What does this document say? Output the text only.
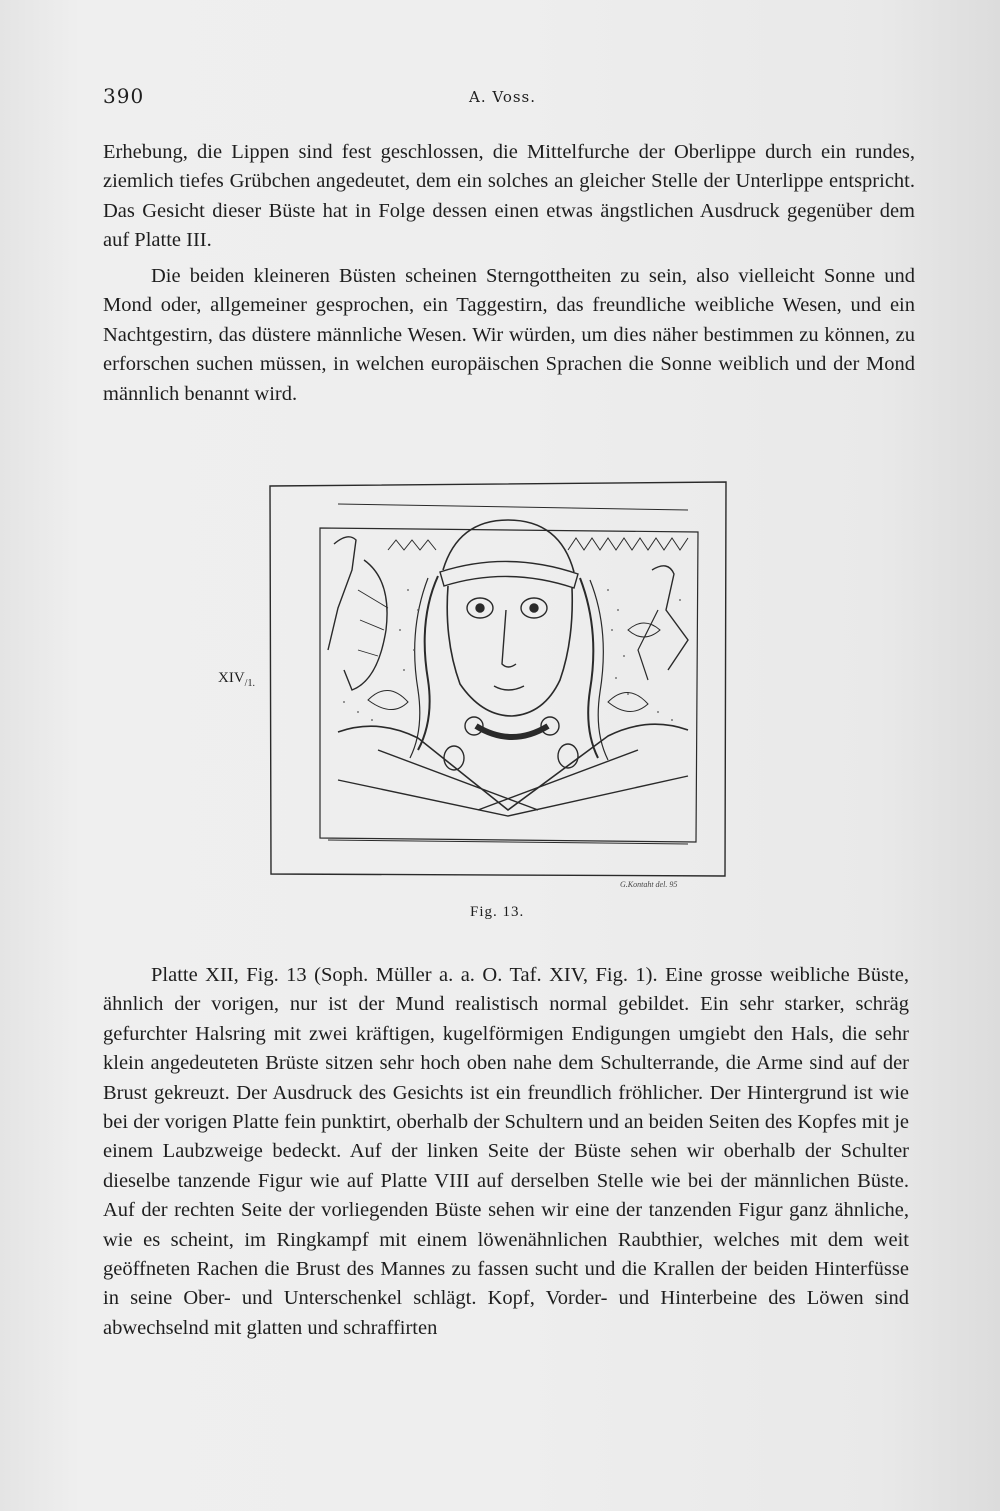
390	A. Voss.

Erhebung, die Lippen sind fest geschlossen, die Mittelfurche der Oberlippe durch ein rundes, ziemlich tiefes Grübchen angedeutet, dem ein solches an gleicher Stelle der Unterlippe entspricht. Das Gesicht dieser Büste hat in Folge dessen einen etwas ängstlichen Ausdruck gegenüber dem auf Platte III.

Die beiden kleineren Büsten scheinen Sterngottheiten zu sein, also vielleicht Sonne und Mond oder, allgemeiner gesprochen, ein Taggestirn, das freundliche weibliche Wesen, und ein Nachtgestirn, das düstere männliche Wesen. Wir würden, um dies näher bestimmen zu können, zu erforschen suchen müssen, in welchen europäischen Sprachen die Sonne weiblich und der Mond männlich benannt wird.

$XIV_{/1.}$
G.Kontaht del. 95
Fig. 13.

Platte XII, Fig. 13 (Soph. Müller a. a. O. Taf. XIV, Fig. 1). Eine grosse weibliche Büste, ähnlich der vorigen, nur ist der Mund realistisch normal gebildet. Ein sehr starker, schräg gefurchter Halsring mit zwei kräftigen, kugelförmigen Endigungen umgiebt den Hals, die sehr klein angedeuteten Brüste sitzen sehr hoch oben nahe dem Schulterrande, die Arme sind auf der Brust gekreuzt. Der Ausdruck des Gesichts ist ein freundlich fröhlicher. Der Hintergrund ist wie bei der vorigen Platte fein punktirt, oberhalb der Schultern und an beiden Seiten des Kopfes mit je einem Laubzweige bedeckt. Auf der linken Seite der Büste sehen wir oberhalb der Schulter dieselbe tanzende Figur wie auf Platte VIII auf derselben Stelle wie bei der männlichen Büste. Auf der rechten Seite der vorliegenden Büste sehen wir eine der tanzenden Figur ganz ähnliche, wie es scheint, im Ringkampf mit einem löwenähnlichen Raubthier, welches mit dem weit geöffneten Rachen die Brust des Mannes zu fassen sucht und die Krallen der beiden Hinterfüsse in seine Ober- und Unterschenkel schlägt. Kopf, Vorder- und Hinterbeine des Löwen sind abwechselnd mit glatten und schraffirten
